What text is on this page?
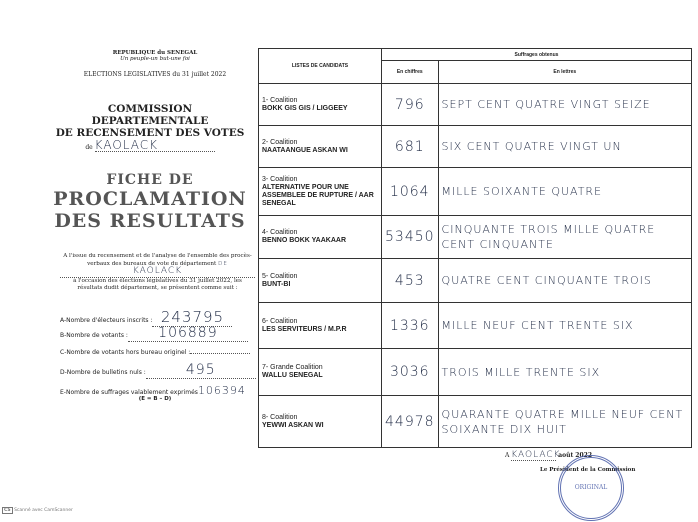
REPUBLIQUE du SENEGAL
Un peuple-un but-une foi
ELECTIONS LEGISLATIVES du 31 juillet 2022
COMMISSION
DEPARTEMENTALE
DE RECENSEMENT DES VOTES
de KAOLACK
FICHE DE
PROCLAMATION
DES RESULTATS
A l'issue du recensement et de l'analyse de l'ensemble des procès-verbaux des bureaux de vote du département DE
KAOLACK
à l'occasion des élections législatives du 31 juillet 2022, les résultats dudit département, se présentent comme suit :
A-Nombre d'électeurs inscrits : 243795
B-Nombre de votants : 106889
C-Nombre de votants hors bureau originel :
D-Nombre de bulletins nuls :	495
E-Nombre de suffrages valablement exprimés106394
(E = B – D)
LISTES DE CANDIDATS	Suffrages obtenus	
	En chiffres	En lettres
1- Coalition
BOKK GIS GIS / LIGGEEY	796	SEPT CENT QUATRE VINGT SEIZE
2- Coalition
NAATAANGUE ASKAN WI	681	SIX CENT QUATRE VINGT UN
3- Coalition
ALTERNATIVE POUR UNE ASSEMBLEE DE RUPTURE / AAR SENEGAL	1064	MILLE SOIXANTE QUATRE
4- Coalition
BENNO BOKK YAAKAAR	53450	CINQUANTE TROIS MILLE QUATRE CENT CINQUANTE
5- Coalition
BUNT-BI	453	QUATRE CENT CINQUANTE TROIS
6- Coalition
LES SERVITEURS / M.P.R	1336	MILLE NEUF CENT TRENTE SIX
7- Grande Coalition
WALLU SENEGAL	3036	TROIS MILLE TRENTE SIX
8- Coalition
YEWWI ASKAN WI	44978	QUARANTE QUATRE MILLE NEUF CENT SOIXANTE DIX HUIT
A KAOLACK août 2022
Le Président de la Commission
ORIGINAL
CS Scanné avec CamScanner
